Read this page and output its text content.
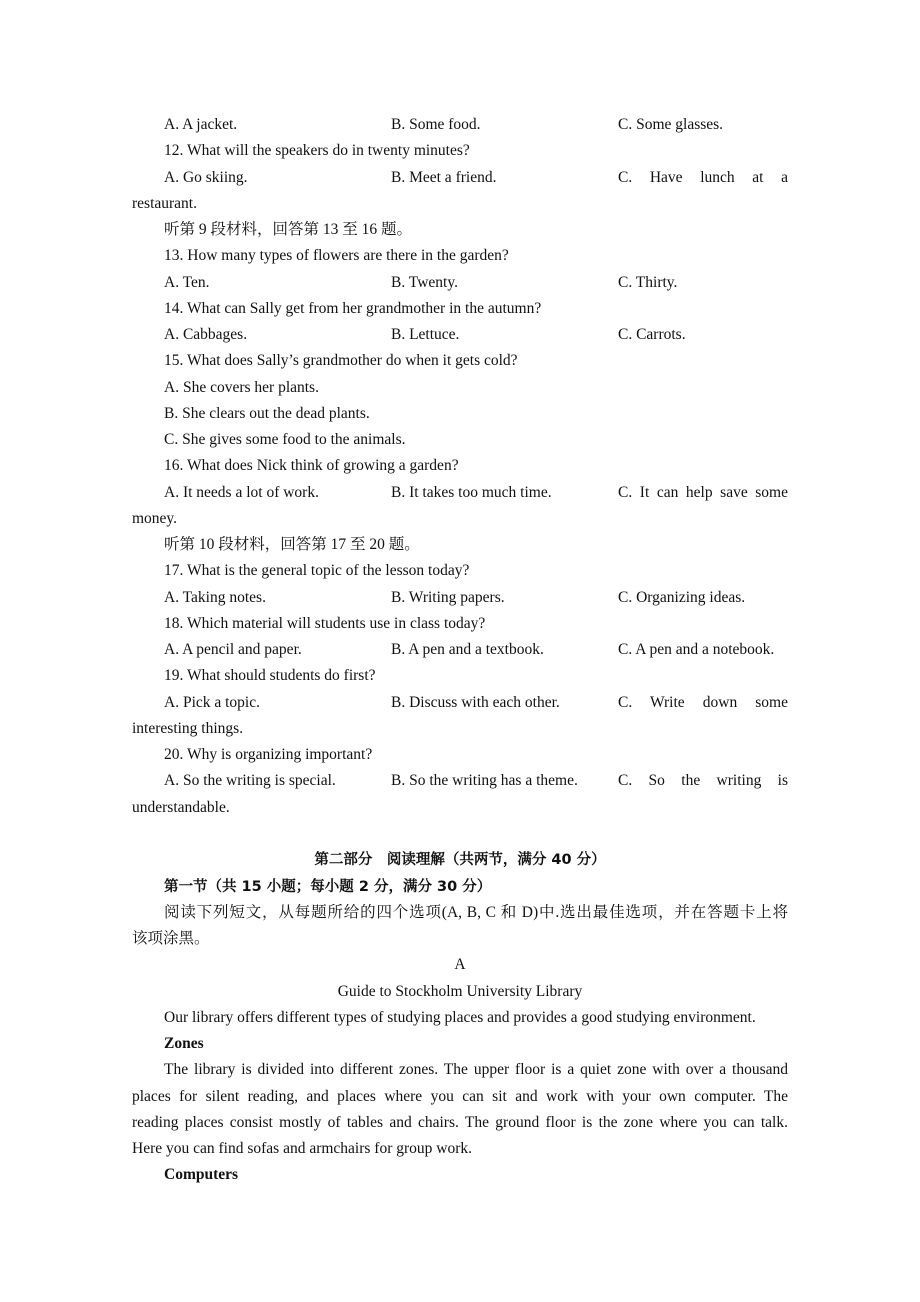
A. A jacket.	B. Some food.	C. Some glasses.
12. What will the speakers do in twenty minutes?
A. Go skiing.	B. Meet a friend.	C. Have lunch at a
restaurant.
听第 9 段材料，回答第 13 至 16 题。
13. How many types of flowers are there in the garden?
A. Ten.	B. Twenty.	C. Thirty.
14. What can Sally get from her grandmother in the autumn?
A. Cabbages.	B. Lettuce.	C. Carrots.
15. What does Sally’s grandmother do when it gets cold?
A. She covers her plants.
B. She clears out the dead plants.
C. She gives some food to the animals.
16. What does Nick think of growing a garden?
A. It needs a lot of work.	B. It takes too much time.	C. It can help save some
money.
听第 10 段材料，回答第 17 至 20 题。
17. What is the general topic of the lesson today?
A. Taking notes.	B. Writing papers.	C. Organizing ideas.
18. Which material will students use in class today?
A. A pencil and paper.	B. A pen and a textbook.	C. A pen and a notebook.
19. What should students do first?
A. Pick a topic.	B. Discuss with each other.	C. Write down some
interesting things.
20. Why is organizing important?
A. So the writing is special.	B. So the writing has a theme.	C. So the writing is
understandable.
第二部分　阅读理解（共两节，满分 40 分）
第一节（共 15 小题；每小题 2 分，满分 30 分）
阅读下列短文，从每题所给的四个选项(A, B, C 和 D)中.选出最佳选项，并在答题卡上将
该项涂黑。
A
Guide to Stockholm University Library
Our library offers different types of studying places and provides a good studying environment.
Zones
The library is divided into different zones. The upper floor is a quiet zone with over a thousand
places for silent reading, and places where you can sit and work with your own computer. The
reading places consist mostly of tables and chairs. The ground floor is the zone where you can talk.
Here you can find sofas and armchairs for group work.
Computers
